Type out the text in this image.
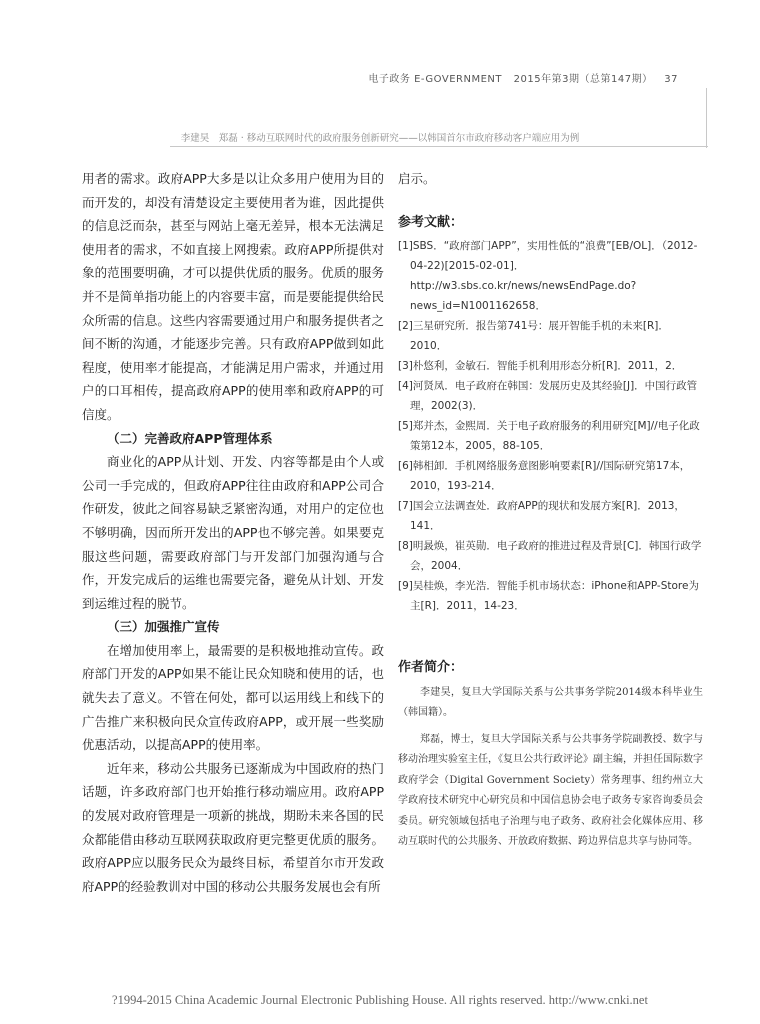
电子政务 E-GOVERNMENT 2015年第3期（总第147期） 37
李建昊　郑磊 · 移动互联网时代的政府服务创新研究——以韩国首尔市政府移动客户端应用为例

用者的需求。政府APP大多是以让众多用户使用为目的而开发的，却没有清楚设定主要使用者为谁，因此提供的信息泛而杂，甚至与网站上毫无差异，根本无法满足使用者的需求，不如直接上网搜索。政府APP所提供对象的范围要明确，才可以提供优质的服务。优质的服务并不是简单指功能上的内容要丰富，而是要能提供给民众所需的信息。这些内容需要通过用户和服务提供者之间不断的沟通，才能逐步完善。只有政府APP做到如此程度，使用率才能提高，才能满足用户需求，并通过用户的口耳相传，提高政府APP的使用率和政府APP的可信度。

（二）完善政府APP管理体系

商业化的APP从计划、开发、内容等都是由个人或公司一手完成的，但政府APP往往由政府和APP公司合作研发，彼此之间容易缺乏紧密沟通，对用户的定位也不够明确，因而所开发出的APP也不够完善。如果要克服这些问题，需要政府部门与开发部门加强沟通与合作，开发完成后的运维也需要完备，避免从计划、开发到运维过程的脱节。

（三）加强推广宣传

在增加使用率上，最需要的是积极地推动宣传。政府部门开发的APP如果不能让民众知晓和使用的话，也就失去了意义。不管在何处，都可以运用线上和线下的广告推广来积极向民众宣传政府APP，或开展一些奖励优惠活动，以提高APP的使用率。

近年来，移动公共服务已逐渐成为中国政府的热门话题，许多政府部门也开始推行移动端应用。政府APP的发展对政府管理是一项新的挑战，期盼未来各国的民众都能借由移动互联网获取政府更完整更优质的服务。政府APP应以服务民众为最终目标，希望首尔市开发政府APP的经验教训对中国的移动公共服务发展也会有所

启示。

参考文献：

[1]SBS．“政府部门APP”，实用性低的“浪费”[EB/OL]．（2012-04-22)[2015-02-01]． http://w3.sbs.co.kr/news/newsEndPage.do?news_id=N1001162658．

[2]三星研究所．报告第741号：展开智能手机的未来[R]．2010．

[3]朴悠利，金敏石．智能手机利用形态分析[R]．2011，2．

[4]河贤凤．电子政府在韩国：发展历史及其经验[J]．中国行政管理，2002(3)．

[5]郑并杰，金熙周．关于电子政府服务的利用研究[M]//电子化政策第12本，2005，88-105．

[6]韩相卸．手机网络服务意图影响要素[R]//国际研究第17本，2010，193-214．

[7]国会立法调查处．政府APP的现状和发展方案[R]．2013，141．

[8]明晸焕，崔英勋．电子政府的推进过程及背景[C]．韩国行政学会，2004．

[9]吴桂焕，李光浩．智能手机市场状态：iPhone和APP-Store为主[R]．2011，14-23．

作者简介：

李建昊，复旦大学国际关系与公共事务学院2014级本科毕业生（韩国籍）。

郑磊，博士，复旦大学国际关系与公共事务学院副教授、数字与移动治理实验室主任，《复旦公共行政评论》副主编，并担任国际数字政府学会（Digital Government Society）常务理事、纽约州立大学政府技术研究中心研究员和中国信息协会电子政务专家咨询委员会委员。研究领域包括电子治理与电子政务、政府社会化媒体应用、移动互联时代的公共服务、开放政府数据、跨边界信息共享与协同等。

?1994-2015 China Academic Journal Electronic Publishing House. All rights reserved. http://www.cnki.net
